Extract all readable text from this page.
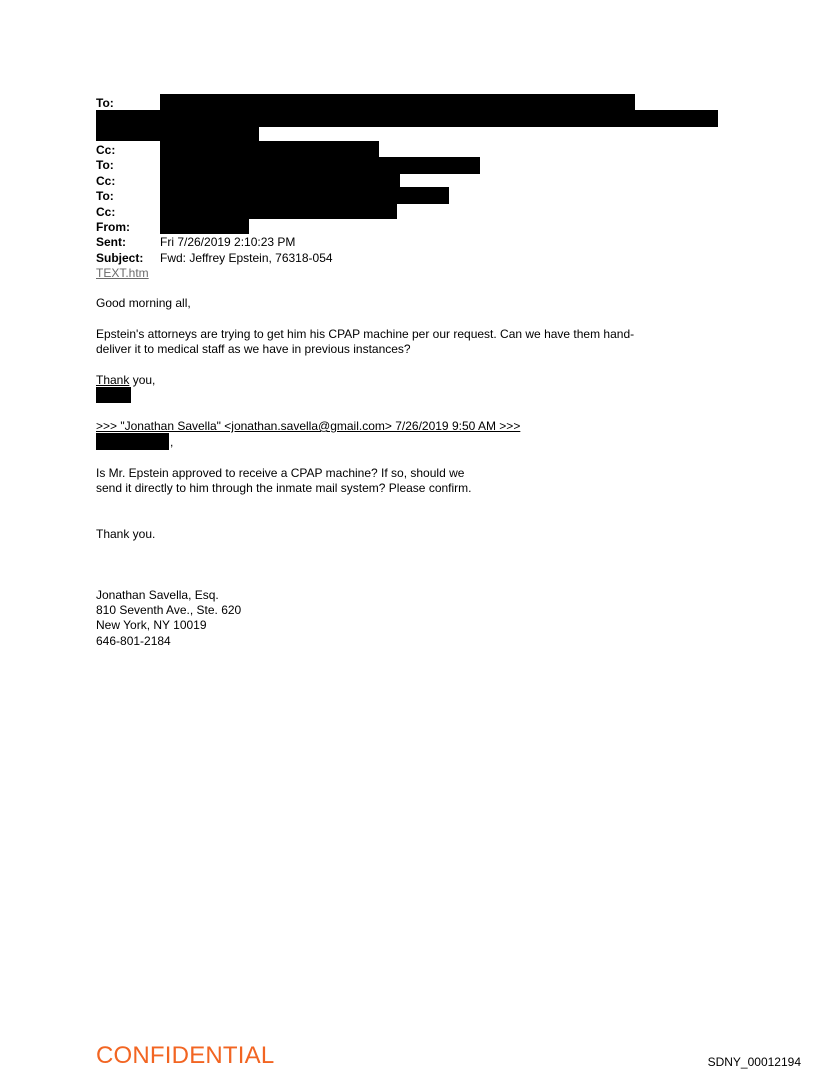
To:
Cc:
To:
Cc:
To:
Cc:
From:
Sent:
Subject:
Fri 7/26/2019 2:10:23 PM
Fwd: Jeffrey Epstein, 76318-054
TEXT.htm
Good morning all,
Epstein's attorneys are trying to get him his CPAP machine per our request. Can we have them hand-
deliver it to medical staff as we have in previous instances?
Thank you,
>>> "Jonathan Savella" <jonathan.savella@gmail.com> 7/26/2019 9:50 AM >>>
,
Is Mr. Epstein approved to receive a CPAP machine? If so, should we
send it directly to him through the inmate mail system? Please confirm.
Thank you.
Jonathan Savella, Esq.
810 Seventh Ave., Ste. 620
New York, NY 10019
646-801-2184
CONFIDENTIAL	SDNY_00012194
